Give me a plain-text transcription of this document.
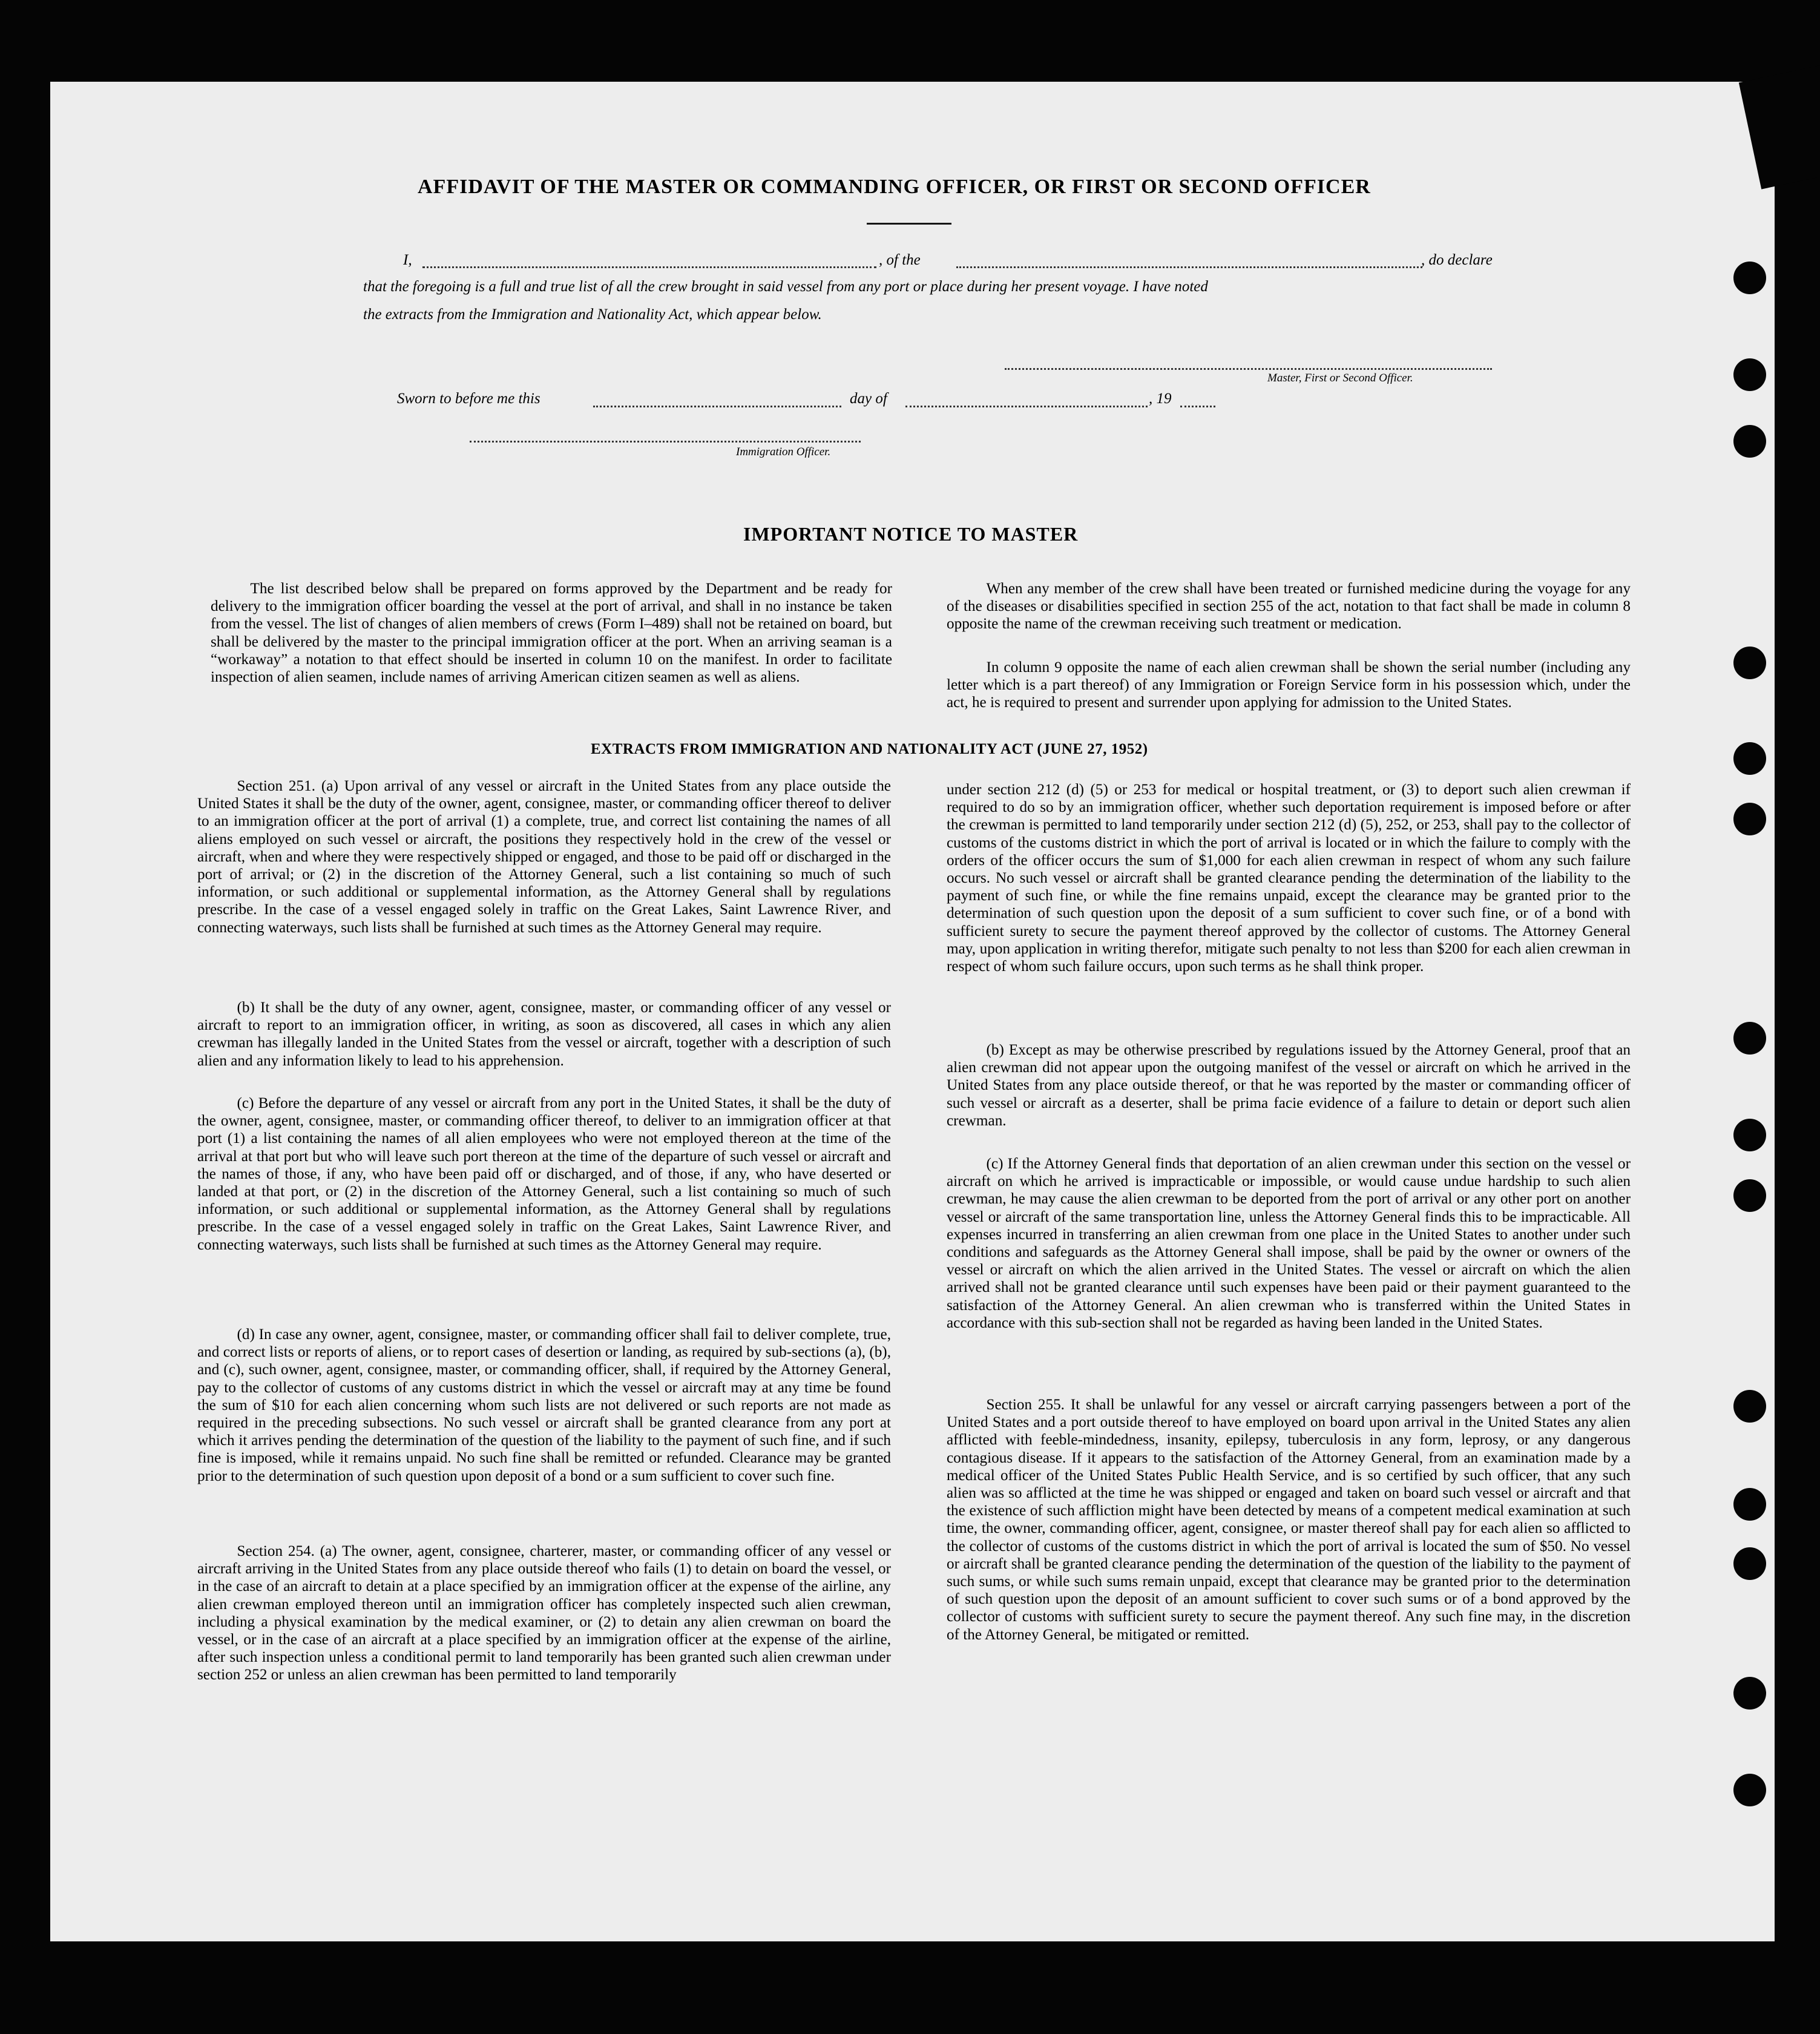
AFFIDAVIT OF THE MASTER OR COMMANDING OFFICER, OR FIRST OR SECOND OFFICER
I,	, of the	, do declare
that the foregoing is a full and true list of all the crew brought in said vessel from any port or place during her present voyage. I have noted
the extracts from the Immigration and Nationality Act, which appear below.
Master, First or Second Officer.
Sworn to before me this	day of	, 19
Immigration Officer.
IMPORTANT NOTICE TO MASTER
The list described below shall be prepared on forms approved by the Department and be ready for delivery to the immigration officer boarding the vessel at the port of arrival, and shall in no instance be taken from the vessel. The list of changes of alien members of crews (Form I–489) shall not be retained on board, but shall be delivered by the master to the principal immigration officer at the port. When an arriving seaman is a “workaway” a notation to that effect should be inserted in column 10 on the manifest. In order to facilitate inspection of alien seamen, include names of arriving American citizen seamen as well as aliens.
When any member of the crew shall have been treated or furnished medicine during the voyage for any of the diseases or disabilities specified in section 255 of the act, notation to that fact shall be made in column 8 opposite the name of the crewman receiving such treatment or medication.
In column 9 opposite the name of each alien crewman shall be shown the serial number (including any letter which is a part thereof) of any Immigration or Foreign Service form in his possession which, under the act, he is required to present and surrender upon applying for admission to the United States.
EXTRACTS FROM IMMIGRATION AND NATIONALITY ACT (JUNE 27, 1952)
Section 251. (a) Upon arrival of any vessel or aircraft in the United States from any place outside the United States it shall be the duty of the owner, agent, consignee, master, or commanding officer thereof to deliver to an immigration officer at the port of arrival (1) a complete, true, and correct list containing the names of all aliens employed on such vessel or aircraft, the positions they respectively hold in the crew of the vessel or aircraft, when and where they were respectively shipped or engaged, and those to be paid off or discharged in the port of arrival; or (2) in the discretion of the Attorney General, such a list containing so much of such information, or such additional or supplemental information, as the Attorney General shall by regulations prescribe. In the case of a vessel engaged solely in traffic on the Great Lakes, Saint Lawrence River, and connecting waterways, such lists shall be furnished at such times as the Attorney General may require.
(b) It shall be the duty of any owner, agent, consignee, master, or commanding officer of any vessel or aircraft to report to an immigration officer, in writing, as soon as discovered, all cases in which any alien crewman has illegally landed in the United States from the vessel or aircraft, together with a description of such alien and any information likely to lead to his apprehension.
(c) Before the departure of any vessel or aircraft from any port in the United States, it shall be the duty of the owner, agent, consignee, master, or commanding officer thereof, to deliver to an immigration officer at that port (1) a list containing the names of all alien employees who were not employed thereon at the time of the arrival at that port but who will leave such port thereon at the time of the departure of such vessel or aircraft and the names of those, if any, who have been paid off or discharged, and of those, if any, who have deserted or landed at that port, or (2) in the discretion of the Attorney General, such a list containing so much of such information, or such additional or supplemental information, as the Attorney General shall by regulations prescribe. In the case of a vessel engaged solely in traffic on the Great Lakes, Saint Lawrence River, and connecting waterways, such lists shall be furnished at such times as the Attorney General may require.
(d) In case any owner, agent, consignee, master, or commanding officer shall fail to deliver complete, true, and correct lists or reports of aliens, or to report cases of desertion or landing, as required by sub-sections (a), (b), and (c), such owner, agent, consignee, master, or commanding officer, shall, if required by the Attorney General, pay to the collector of customs of any customs district in which the vessel or aircraft may at any time be found the sum of $10 for each alien concerning whom such lists are not delivered or such reports are not made as required in the preceding subsections. No such vessel or aircraft shall be granted clearance from any port at which it arrives pending the determination of the question of the liability to the payment of such fine, and if such fine is imposed, while it remains unpaid. No such fine shall be remitted or refunded. Clearance may be granted prior to the determination of such question upon deposit of a bond or a sum sufficient to cover such fine.
Section 254. (a) The owner, agent, consignee, charterer, master, or commanding officer of any vessel or aircraft arriving in the United States from any place outside thereof who fails (1) to detain on board the vessel, or in the case of an aircraft to detain at a place specified by an immigration officer at the expense of the airline, any alien crewman employed thereon until an immigration officer has completely inspected such alien crewman, including a physical examination by the medical examiner, or (2) to detain any alien crewman on board the vessel, or in the case of an aircraft at a place specified by an immigration officer at the expense of the airline, after such inspection unless a conditional permit to land temporarily has been granted such alien crewman under section 252 or unless an alien crewman has been permitted to land temporarily
under section 212 (d) (5) or 253 for medical or hospital treatment, or (3) to deport such alien crewman if required to do so by an immigration officer, whether such deportation requirement is imposed before or after the crewman is permitted to land temporarily under section 212 (d) (5), 252, or 253, shall pay to the collector of customs of the customs district in which the port of arrival is located or in which the failure to comply with the orders of the officer occurs the sum of $1,000 for each alien crewman in respect of whom any such failure occurs. No such vessel or aircraft shall be granted clearance pending the determination of the liability to the payment of such fine, or while the fine remains unpaid, except the clearance may be granted prior to the determination of such question upon the deposit of a sum sufficient to cover such fine, or of a bond with sufficient surety to secure the payment thereof approved by the collector of customs. The Attorney General may, upon application in writing therefor, mitigate such penalty to not less than $200 for each alien crewman in respect of whom such failure occurs, upon such terms as he shall think proper.
(b) Except as may be otherwise prescribed by regulations issued by the Attorney General, proof that an alien crewman did not appear upon the outgoing manifest of the vessel or aircraft on which he arrived in the United States from any place outside thereof, or that he was reported by the master or commanding officer of such vessel or aircraft as a deserter, shall be prima facie evidence of a failure to detain or deport such alien crewman.
(c) If the Attorney General finds that deportation of an alien crewman under this section on the vessel or aircraft on which he arrived is impracticable or impossible, or would cause undue hardship to such alien crewman, he may cause the alien crewman to be deported from the port of arrival or any other port on another vessel or aircraft of the same transportation line, unless the Attorney General finds this to be impracticable. All expenses incurred in transferring an alien crewman from one place in the United States to another under such conditions and safeguards as the Attorney General shall impose, shall be paid by the owner or owners of the vessel or aircraft on which the alien arrived in the United States. The vessel or aircraft on which the alien arrived shall not be granted clearance until such expenses have been paid or their payment guaranteed to the satisfaction of the Attorney General. An alien crewman who is transferred within the United States in accordance with this sub-section shall not be regarded as having been landed in the United States.
Section 255. It shall be unlawful for any vessel or aircraft carrying passengers between a port of the United States and a port outside thereof to have employed on board upon arrival in the United States any alien afflicted with feeble-mindedness, insanity, epilepsy, tuberculosis in any form, leprosy, or any dangerous contagious disease. If it appears to the satisfaction of the Attorney General, from an examination made by a medical officer of the United States Public Health Service, and is so certified by such officer, that any such alien was so afflicted at the time he was shipped or engaged and taken on board such vessel or aircraft and that the existence of such affliction might have been detected by means of a competent medical examination at such time, the owner, commanding officer, agent, consignee, or master thereof shall pay for each alien so afflicted to the collector of customs of the customs district in which the port of arrival is located the sum of $50. No vessel or aircraft shall be granted clearance pending the determination of the question of the liability to the payment of such sums, or while such sums remain unpaid, except that clearance may be granted prior to the determination of such question upon the deposit of an amount sufficient to cover such sums or of a bond approved by the collector of customs with sufficient surety to secure the payment thereof. Any such fine may, in the discretion of the Attorney General, be mitigated or remitted.
